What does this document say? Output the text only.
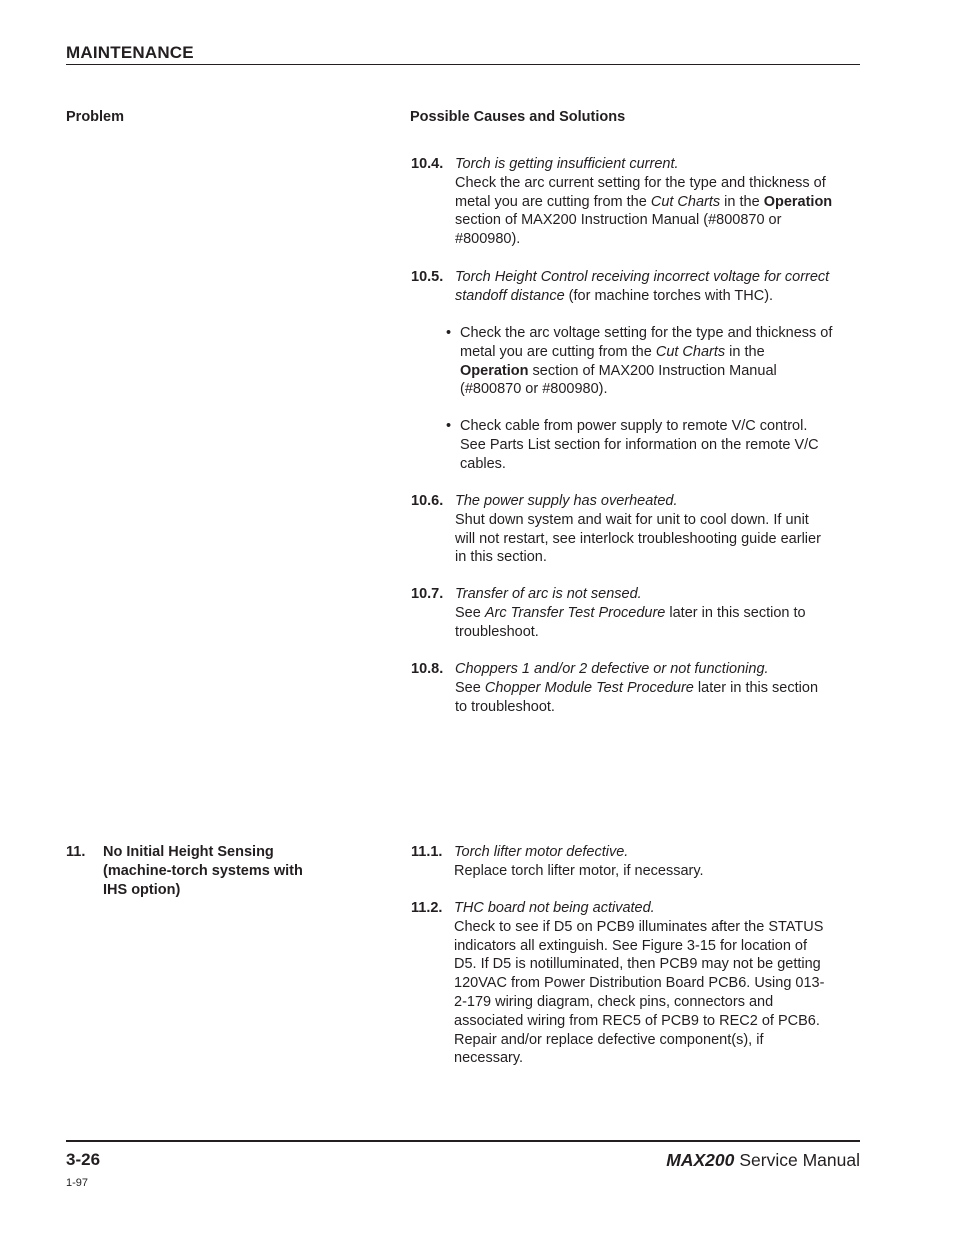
MAINTENANCE
Problem	Possible Causes and Solutions
10.4. Torch is getting insufficient current.
Check the arc current setting for the type and thickness of
metal you are cutting from the Cut Charts in the Operation
section of MAX200 Instruction Manual (#800870 or
#800980).
10.5. Torch Height Control receiving incorrect voltage for correct
standoff distance (for machine torches with THC).
• Check the arc voltage setting for the type and thickness of
metal you are cutting from the Cut Charts in the
Operation section of MAX200 Instruction Manual
(#800870 or #800980).
• Check cable from power supply to remote V/C control.
See Parts List section for information on the remote V/C
cables.
10.6. The power supply has overheated.
Shut down system and wait for unit to cool down. If unit
will not restart, see interlock troubleshooting guide earlier
in this section.
10.7. Transfer of arc is not sensed.
See Arc Transfer Test Procedure later in this section to
troubleshoot.
10.8. Choppers 1 and/or 2 defective or not functioning.
See Chopper Module Test Procedure later in this section
to troubleshoot.
11. No Initial Height Sensing
(machine-torch systems with
IHS option)
11.1. Torch lifter motor defective.
Replace torch lifter motor, if necessary.
11.2. THC board not being activated.
Check to see if D5 on PCB9 illuminates after the STATUS
indicators all extinguish. See Figure 3-15 for location of
D5. If D5 is notilluminated, then PCB9 may not be getting
120VAC from Power Distribution Board PCB6. Using 013-
2-179 wiring diagram, check pins, connectors and
associated wiring from REC5 of PCB9 to REC2 of PCB6.
Repair and/or replace defective component(s), if
necessary.
3-26
1-97
MAX200 Service Manual
